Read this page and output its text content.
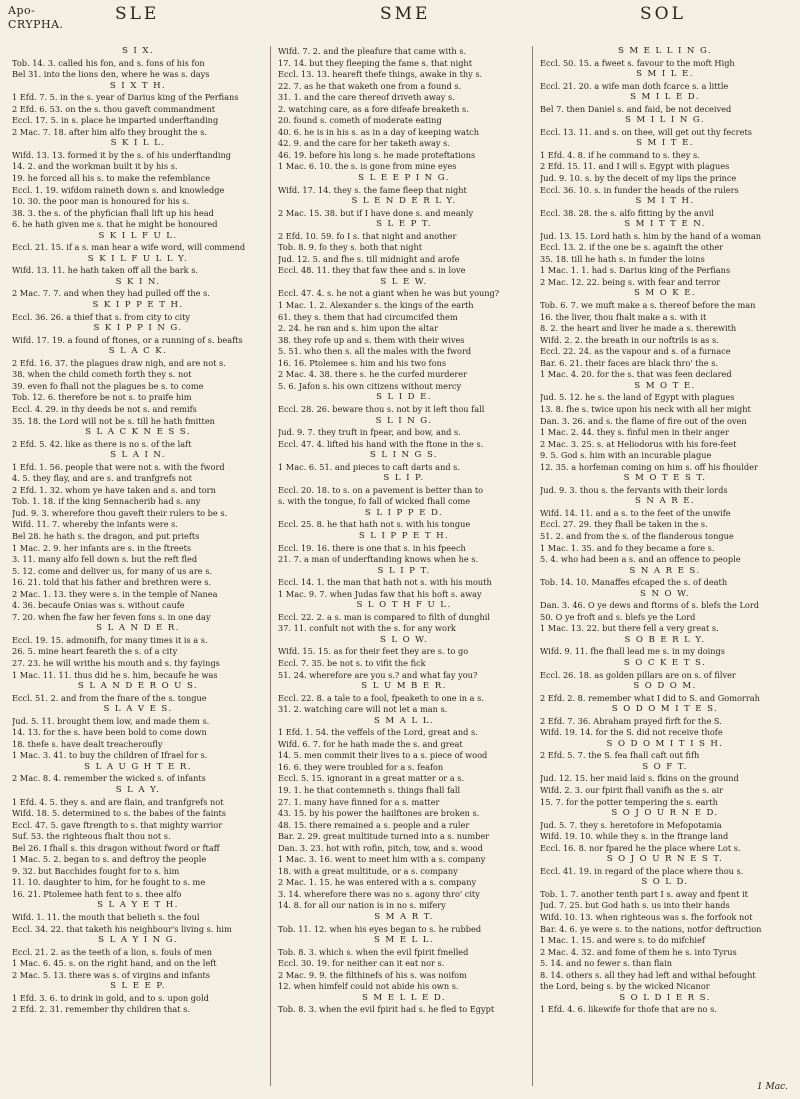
Apo-
CRYPHA.
SLE	SME	SOL
S I X.
Tob. 14. 3. called his fon, and s. fons of his fon
Bel 31. into the lions den, where he was s. days
S I X T H.
1 Efd. 7. 5. in the s. year of Darius king of the Perfians
2 Efd. 6. 53. on the s. thou gaveft commandment
Eccl. 17. 5. in s. place he imparted underftanding
2 Mac. 7. 18. after him alfo they brought the s.
S K I L L.
Wifd. 13. 13. formed it by the s. of his underftanding
14. 2. and the workman built it by his s.
19. he forced all his s. to make the refemblance
Eccl. 1. 19. wifdom raineth down s. and knowledge
10. 30. the poor man is honoured for his s.
38. 3. the s. of the phyfician fhall lift up his head
6. he hath given me s. that he might be honoured
S K I L F U L.
Eccl. 21. 15. if a s. man hear a wife word, will commend
S K I L F U L L Y.
Wifd. 13. 11. he hath taken off all the bark s.
S K I N.
2 Mac. 7. 7. and when they had pulled off the s.
S K I P P E T H.
Eccl. 36. 26. a thief that s. from city to city
S K I P P I N G.
Wifd. 17. 19. a found of ftones, or a running of s. beafts
S L A C K.
2 Efd. 16. 37. the plagues draw nigh, and are not s.
38. when the child cometh forth they s. not
39. even fo fhall not the plagues be s. to come
Tob. 12. 6. therefore be not s. to praife him
Eccl. 4. 29. in thy deeds be not s. and remifs
35. 18. the Lord will not be s. till he hath fmitten
S L A C K N E S S.
2 Efd. 5. 42. like as there is no s. of the laft
S L A I N.
1 Efd. 1. 56. people that were not s. with the fword
4. 5. they flay, and are s. and tranfgrefs not
2 Efd. 1. 32. whom ye have taken and s. and torn
Tob. 1. 18. if the king Sennacherib had s. any
Jud. 9. 3. wherefore thou gaveft their rulers to be s.
Wifd. 11. 7. whereby the infants were s.
Bel 28. he hath s. the dragon, and put priefts
1 Mac. 2. 9. her infants are s. in the ftreets
3. 11. many alfo fell down s. but the reft fled
5. 12. come and deliver us, for many of us are s.
16. 21. told that his father and brethren were s.
2 Mac. 1. 13. they were s. in the temple of Nanea
4. 36. becaufe Onias was s. without caufe
7. 20. when fhe faw her feven fons s. in one day
S L A N D E R.
Eccl. 19. 15. admonifh, for many times it is a s.
26. 5. mine heart feareth the s. of a city
27. 23. he will writhe his mouth and s. thy fayings
1 Mac. 11. 11. thus did he s. him, becaufe he was
S L A N D E R O U S.
Eccl. 51. 2. and from the fnare of the s. tongue
S L A V E S.
Jud. 5. 11. brought them low, and made them s.
14. 13. for the s. have been bold to come down
18. thefe s. have dealt treacheroufly
1 Mac. 3. 41. to buy the children of Ifrael for s.
S L A U G H T E R.
2 Mac. 8. 4. remember the wicked s. of infants
S L A Y.
1 Efd. 4. 5. they s. and are flain, and tranfgrefs not
Wifd. 18. 5. determined to s. the babes of the faints
Eccl. 47. 5. gave ftrength to s. that mighty warrior
Suf. 53. the righteous fhalt thou not s.
Bel 26. I fhall s. this dragon without fword or ftaff
1 Mac. 5. 2. began to s. and deftroy the people
9. 32. but Bacchides fought for to s. him
11. 10. daughter to him, for he fought to s. me
16. 21. Ptolemee hath fent to s. thee alfo
S L A Y E T H.
Wifd. 1. 11. the mouth that belieth s. the foul
Eccl. 34. 22. that taketh his neighbour's living s. him
S L A Y I N G.
Eccl. 21. 2. as the teeth of a lion, s. fouls of men
1 Mac. 6. 45. s. on the right hand, and on the left
2 Mac. 5. 13. there was s. of virgins and infants
S L E E P.
1 Efd. 3. 6. to drink in gold, and to s. upon gold
2 Efd. 2. 31. remember thy children that s.
Wifd. 7. 2. and the pleafure that came with s.
17. 14. but they fleeping the fame s. that night
Eccl. 13. 13. heareft thefe things, awake in thy s.
22. 7. as he that waketh one from a found s.
31. 1. and the care thereof driveth away s.
2. watching care, as a fore difeafe breaketh s.
20. found s. cometh of moderate eating
40. 6. he is in his s. as in a day of keeping watch
42. 9. and the care for her taketh away s.
46. 19. before his long s. he made proteftations
1 Mac. 6. 10. the s. is gone from mine eyes
S L E E P I N G.
Wifd. 17. 14. they s. the fame fleep that night
S L E N D E R L Y.
2 Mac. 15. 38. but if I have done s. and meanly
S L E P T.
2 Efd. 10. 59. fo I s. that night and another
Tob. 8. 9. fo they s. both that night
Jud. 12. 5. and fhe s. till midnight and arofe
Eccl. 48. 11. they that faw thee and s. in love
S L E W.
Eccl. 47. 4. s. he not a giant when he was but young?
1 Mac. 1. 2. Alexander s. the kings of the earth
61. they s. them that had circumcifed them
2. 24. he ran and s. him upon the altar
38. they rofe up and s. them with their wives
5. 51. who then s. all the males with the fword
16. 16. Ptolemee s. him and his two fons
2 Mac. 4. 38. there s. he the curfed murderer
5. 6. Jafon s. his own citizens without mercy
S L I D E.
Eccl. 28. 26. beware thou s. not by it left thou fall
S L I N G.
Jud. 9. 7. they truft in fpear, and bow, and s.
Eccl. 47. 4. lifted his hand with the ftone in the s.
S L I N G S.
1 Mac. 6. 51. and pieces to caft darts and s.
S L I P.
Eccl. 20. 18. to s. on a pavement is better than to
s. with the tongue, fo fall of wicked fhall come
S L I P P E D.
Eccl. 25. 8. he that hath not s. with his tongue
S L I P P E T H.
Eccl. 19. 16. there is one that s. in his fpeech
21. 7. a man of underftanding knows when he s.
S L I P T.
Eccl. 14. 1. the man that hath not s. with his mouth
1 Mac. 9. 7. when Judas faw that his hoft s. away
S L O T H F U L.
Eccl. 22. 2. a s. man is compared to filth of dunghil
37. 11. confult not with the s. for any work
S L O W.
Wifd. 15. 15. as for their feet they are s. to go
Eccl. 7. 35. be not s. to vifit the fick
51. 24. wherefore are you s.? and what fay you?
S L U M B E R.
Eccl. 22. 8. a tale to a fool, fpeaketh to one in a s.
31. 2. watching care will not let a man s.
S M A L L.
1 Efd. 1. 54. the veffels of the Lord, great and s.
Wifd. 6. 7. for he hath made the s. and great
14. 5. men commit their lives to a s. piece of wood
16. 6. they were troubled for a s. feafon
Eccl. 5. 15. ignorant in a great matter or a s.
19. 1. he that contemneth s. things fhall fall
27. 1. many have finned for a s. matter
43. 15. by his power the hailftones are broken s.
48. 15. there remained a s. people and a ruler
Bar. 2. 29. great multitude turned into a s. number
Dan. 3. 23. hot with rofin, pitch, tow, and s. wood
1 Mac. 3. 16. went to meet him with a s. company
18. with a great multitude, or a s. company
2 Mac. 1. 15. he was entered with a s. company
3. 14. wherefore there was no s. agony thro' city
14. 8. for all our nation is in no s. mifery
S M A R T.
Tob. 11. 12. when his eyes began to s. he rubbed
S M E L L.
Tob. 8. 3. which s. when the evil fpirit fmelled
Eccl. 30. 19. for neither can it eat nor s.
2 Mac. 9. 9. the filthinefs of his s. was noifom
12. when himfelf could not abide his own s.
S M E L L E D.
Tob. 8. 3. when the evil fpirit had s. he fled to Egypt
S M E L L I N G.
Eccl. 50. 15. a fweet s. favour to the moft High
S M I L E.
Eccl. 21. 20. a wife man doth fcarce s. a little
S M I L E D.
Bel 7. then Daniel s. and faid, be not deceived
S M I L I N G.
Eccl. 13. 11. and s. on thee, will get out thy fecrets
S M I T E.
1 Efd. 4. 8. if he command to s. they s.
2 Efd. 15. 11. and I will s. Egypt with plagues
Jud. 9. 10. s. by the deceit of my lips the prince
Eccl. 36. 10. s. in funder the heads of the rulers
S M I T H.
Eccl. 38. 28. the s. alfo fitting by the anvil
S M I T T E N.
Jud. 13. 15. Lord hath s. him by the hand of a woman
Eccl. 13. 2. if the one be s. againft the other
35. 18. till he hath s. in funder the loins
1 Mac. 1. 1. had s. Darius king of the Perfians
2 Mac. 12. 22. being s. with fear and terror
S M O K E.
Tob. 6. 7. we muft make a s. thereof before the man
16. the liver, thou fhalt make a s. with it
8. 2. the heart and liver he made a s. therewith
Wifd. 2. 2. the breath in our noftrils is as s.
Eccl. 22. 24. as the vapour and s. of a furnace
Bar. 6. 21. their faces are black thro' the s.
1 Mac. 4. 20. for the s. that was feen declared
S M O T E.
Jud. 5. 12. he s. the land of Egypt with plagues
13. 8. fhe s. twice upon his neck with all her might
Dan. 3. 26. and s. the flame of fire out of the oven
1 Mac. 2. 44. they s. finful men in their anger
2 Mac. 3. 25. s. at Heliodorus with his fore-feet
9. 5. God s. him with an incurable plague
12. 35. a horfeman coming on him s. off his fhoulder
S M O T E S T.
Jud. 9. 3. thou s. the fervants with their lords
S N A R E.
Wifd. 14. 11. and a s. to the feet of the unwife
Eccl. 27. 29. they fhall be taken in the s.
51. 2. and from the s. of the flanderous tongue
1 Mac. 1. 35. and fo they became a fore s.
5. 4. who had been a s. and an offence to people
S N A R E S.
Tob. 14. 10. Manaffes efcaped the s. of death
S N O W.
Dan. 3. 46. O ye dews and ftorms of s. blefs the Lord
50. O ye froft and s. blefs ye the Lord
1 Mac. 13. 22. but there fell a very great s.
S O B E R L Y.
Wifd. 9. 11. fhe fhall lead me s. in my doings
S O C K E T S.
Eccl. 26. 18. as golden pillars are on s. of filver
S O D O M.
2 Efd. 2. 8. remember what I did to S. and Gomorrah
S O D O M I T E S.
2 Efd. 7. 36. Abraham prayed firft for the S.
Wifd. 19. 14. for the S. did not receive thofe
S O D O M I T I S H.
2 Efd. 5. 7. the S. fea fhall caft out fifh
S O F T.
Jud. 12. 15. her maid laid s. fkins on the ground
Wifd. 2. 3. our fpirit fhall vanifh as the s. air
15. 7. for the potter tempering the s. earth
S O J O U R N E D.
Jud. 5. 7. they s. heretofore in Mefopotamia
Wifd. 19. 10. while they s. in the ftrange land
Eccl. 16. 8. nor fpared he the place where Lot s.
S O J O U R N E S T.
Eccl. 41. 19. in regard of the place where thou s.
S O L D.
Tob. 1. 7. another tenth part I s. away and fpent it
Jud. 7. 25. but God hath s. us into their hands
Wifd. 10. 13. when righteous was s. fhe forfook not
Bar. 4. 6. ye were s. to the nations, notfor deftruction
1 Mac. 1. 15. and were s. to do mifchief
2 Mac. 4. 32. and fome of them he s. into Tyrus
5. 14. and no fewer s. than flain
8. 14. others s. all they had left and withal befought
the Lord, being s. by the wicked Nicanor
S O L D I E R S.
1 Efd. 4. 6. likewife for thofe that are no s.
1 Mac.
